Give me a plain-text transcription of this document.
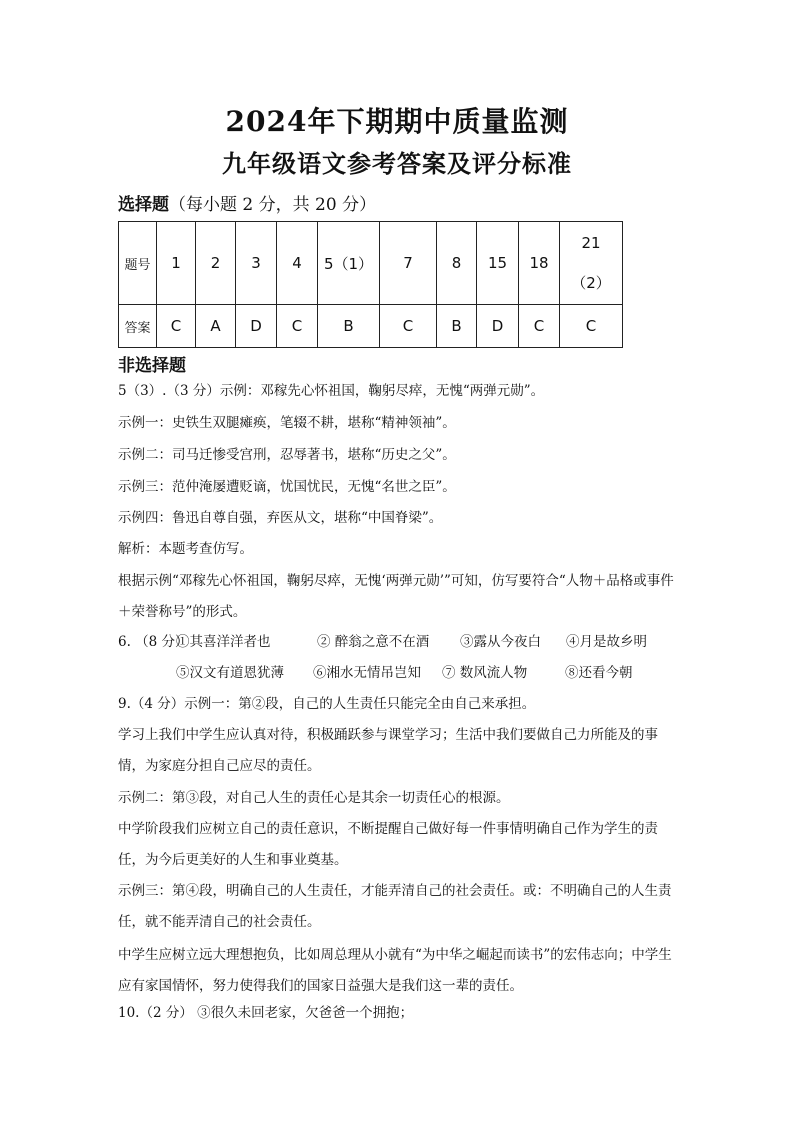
2024年下期期中质量监测
九年级语文参考答案及评分标准
选择题（每小题 2 分，共 20 分）
题号	1	2	3	4	5（1）	7	8	15	18	21
（2）

答案	C	A	D	C	B	C	B	D	C	C
非选择题
5（3）.（3 分）示例：邓稼先心怀祖国，鞠躬尽瘁，无愧“两弹元勋”。
示例一：史铁生双腿瘫痪，笔辍不耕，堪称“精神领袖”。
示例二：司马迁惨受宫刑，忍辱著书，堪称“历史之父”。
示例三：范仲淹屡遭贬谪，忧国忧民，无愧“名世之臣”。
示例四：鲁迅自尊自强，弃医从文，堪称“中国脊梁”。
解析：本题考查仿写。
根据示例“邓稼先心怀祖国，鞠躬尽瘁，无愧‘两弹元勋’”可知，仿写要符合“人物＋品格或事件＋荣誉称号”的形式。
6. （8 分）
①其喜洋洋者也	② 醉翁之意不在酒	③露从今夜白	④月是故乡明
⑤汉文有道恩犹薄	⑥湘水无情吊岂知	⑦ 数风流人物	⑧还看今朝
9.（4 分）示例一：第②段，自己的人生责任只能完全由自己来承担。
学习上我们中学生应认真对待，积极踊跃参与课堂学习；生活中我们要做自己力所能及的事情，为家庭分担自己应尽的责任。
示例二：第③段，对自己人生的责任心是其余一切责任心的根源。
中学阶段我们应树立自己的责任意识，不断提醒自己做好每一件事情明确自己作为学生的责任，为今后更美好的人生和事业奠基。
示例三：第④段，明确自己的人生责任，才能弄清自己的社会责任。或：不明确自己的人生责任，就不能弄清自己的社会责任。
中学生应树立远大理想抱负，比如周总理从小就有“为中华之崛起而读书”的宏伟志向；中学生应有家国情怀，努力使得我们的国家日益强大是我们这一辈的责任。
10.（2 分） ③很久未回老家，欠爸爸一个拥抱；
